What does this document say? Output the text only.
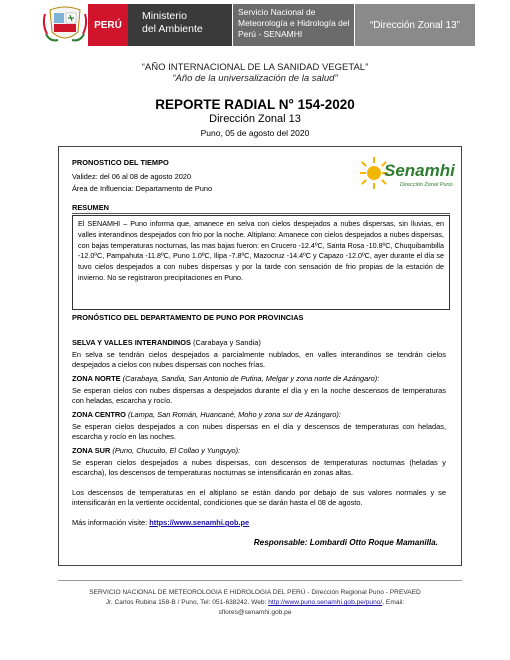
PERÚ
Ministerio
del Ambiente
Servicio Nacional de
Meteorología e Hidrología del
Perú - SENAMHI
“Dirección Zonal 13”
“AÑO INTERNACIONAL DE LA SANIDAD VEGETAL”
“Año de la universalización de la salud”
REPORTE RADIAL N° 154-2020
Dirección Zonal 13
Puno, 05 de agosto del 2020
PRONOSTICO DEL TIEMPO
Validez: del 06 al 08 de agosto 2020
Área de Influencia: Departamento de Puno
Senamhi
Dirección Zonal Puno
RESUMEN
El SENAMHI – Puno informa que, amanece en selva con cielos despejados a nubes dispersas, sin lluvias, en valles interandinos despejados con frio por la noche. Altiplano: Amanece con cielos despejados a nubes dispersas, con bajas temperaturas nocturnas, las mas bajas fueron: en Crucero -12.4ºC, Santa Rosa -10.8ºC, Chuquibambilla -12.0ºC, Pampahuta -11.8ºC, Puno 1.0ºC, Ilipa -7.8ºC, Mazocruz -14.4ºC y Capazo -12.0ºC, ayer durante el día se tuvo cielos despejados a con nubes dispersas y por la tarde con sensación de frio propias de la estación de invierno. No se registraron precipitaciones en Puno.
PRONÓSTICO DEL DEPARTAMENTO DE PUNO POR PROVINCIAS
SELVA Y VALLES INTERANDINOS (Carabaya y Sandia)
En selva se tendrán cielos despejados a parcialmente nublados, en valles interandinos se tendrán cielos despejados a cielos con nubes dispersas con noches frías.
ZONA NORTE (Carabaya, Sandia, San Antonio de Putina, Melgar y zona norte de Azángaro):
Se esperan cielos con nubes dispersas a despejados durante el día y en la noche descensos de temperaturas con heladas, escarcha y rocío.
ZONA CENTRO (Lampa, San Román, Huancané, Moho y zona sur de Azángaro):
Se esperan cielos despejados a con nubes dispersas en el día y descensos de temperaturas con heladas, escarcha y rocío en las noches.
ZONA SUR (Puno, Chucuito, El Collao y Yunguyo):
Se esperan cielos despejados a nubes dispersas, con descensos de temperaturas nocturnas (heladas y escarcha), los descensos de temperaturas nocturnas se intensificarán en zonas altas.
Los descensos de temperaturas en el altiplano se están dando por debajo de sus valores normales y se intensificarán en la vertiente occidental, condiciones que se darán hasta el 08 de agosto.
Más información visite: https://www.senamhi.gob.pe
Responsable: Lombardi Otto Roque Mamanilla.
SERVICIO NACIONAL DE METEOROLOGIA E HIDROLOGIA DEL PERÚ - Dirección Regional Puno - PREVAED
Jr. Carlos Rubina 158-B / Puno, Tel: 051-638242. Web: http://www.puno.senamhi.gob.pe/puno/, Email:
sflores@senamhi.gob.pe
